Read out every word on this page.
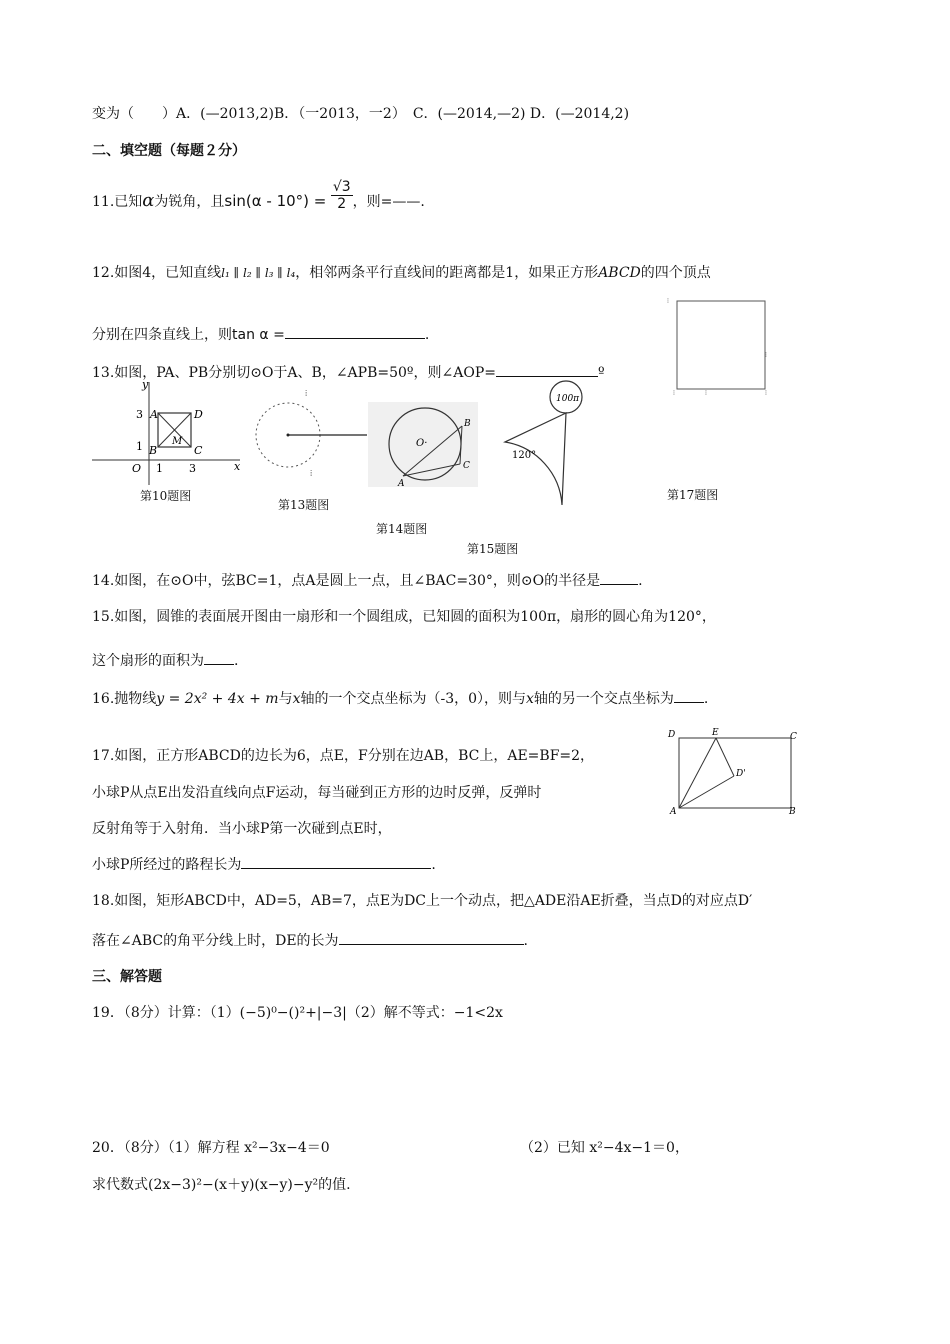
变为（　　）A．(—2013,2)B．（一2013，一2）　C．(—2014,—2) D．(—2014,2)
二、填空题（每题２分）
11.已知α为锐角，且$\sin(\alpha - 10^\circ) = \frac{√3}{2}$ ，则=——.
12.如图4，已知直线l₁ ∥ l₂ ∥ l₃ ∥ l₄，相邻两条平行直线间的距离都是1，如果正方形ABCD的四个顶点
分别在四条直线上，则tan α =	.
⁞
⁞
⁞	⁞	⁞
13.如图，PA、PB分别切⊙O于A、B，∠APB=50º，则∠AOP=	º
y
A	D
M
B	C
O 1 3	x
3
1
第10题图
⁞
⁞
第13题图
O·
B
C
A
第14题图
100π
120°
第15题图
第17题图
14.如图，在⊙O中，弦BC=1，点A是圆上一点，且∠BAC=30°，则⊙O的半径是	.
15.如图，圆锥的表面展开图由一扇形和一个圆组成，已知圆的面积为100π，扇形的圆心角为120°，
这个扇形的面积为 .
16.抛物线y = 2x² + 4x + m与x轴的一个交点坐标为（-3，0），则与x轴的另一个交点坐标为 .
17.如图，正方形ABCD的边长为6，点E，F分别在边AB，BC上，AE=BF=2，
小球P从点E出发沿直线向点F运动，每当碰到正方形的边时反弹，反弹时
反射角等于入射角．当小球P第一次碰到点E时，
小球P所经过的路程长为	.
D	E	C
D'
A	B
18.如图，矩形ABCD中，AD=5，AB=7，点E为DC上一个动点，把△ADE沿AE折叠，当点D的对应点D′
落在∠ABC的角平分线上时，DE的长为	.
三、解答题
19．（8分）计算：（1）(−5)⁰−()²+|−3|（2）解不等式：−1<2x
20．（8分）（1）解方程 x²−3x−4＝0	（2）已知 x²−4x−1＝0，
求代数式(2x−3)²−(x＋y)(x−y)−y²的值.
